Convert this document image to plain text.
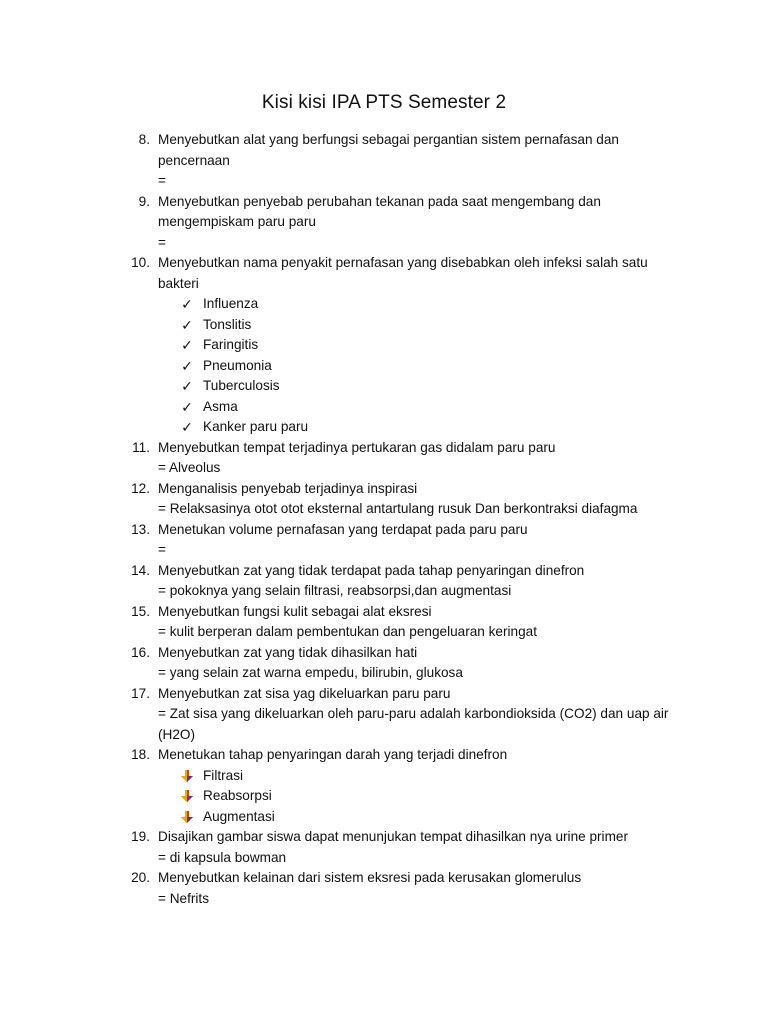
Kisi kisi IPA PTS Semester 2
8. Menyebutkan alat yang berfungsi sebagai pergantian sistem pernafasan dan
pencernaan
=
9. Menyebutkan penyebab perubahan tekanan pada saat mengembang dan
mengempiskam paru paru
=
10. Menyebutkan nama penyakit pernafasan yang disebabkan oleh infeksi salah satu
bakteri
✓ Influenza
✓ Tonslitis
✓ Faringitis
✓ Pneumonia
✓ Tuberculosis
✓ Asma
✓ Kanker paru paru
11. Menyebutkan tempat terjadinya pertukaran gas didalam paru paru
= Alveolus
12. Menganalisis penyebab terjadinya inspirasi
= Relaksasinya otot otot eksternal antartulang rusuk Dan berkontraksi diafagma
13. Menetukan volume pernafasan yang terdapat pada paru paru
=
14. Menyebutkan zat yang tidak terdapat pada tahap penyaringan dinefron
= pokoknya yang selain filtrasi, reabsorpsi,dan augmentasi
15. Menyebutkan fungsi kulit sebagai alat eksresi
= kulit berperan dalam pembentukan dan pengeluaran keringat
16. Menyebutkan zat yang tidak dihasilkan hati
= yang selain zat warna empedu, bilirubin, glukosa
17. Menyebutkan zat sisa yag dikeluarkan paru paru
= Zat sisa yang dikeluarkan oleh paru-paru adalah karbondioksida (CO2) dan uap air
(H2O)
18. Menetukan tahap penyaringan darah yang terjadi dinefron
Filtrasi
Reabsorpsi
Augmentasi
19. Disajikan gambar siswa dapat menunjukan tempat dihasilkan nya urine primer
= di kapsula bowman
20. Menyebutkan kelainan dari sistem eksresi pada kerusakan glomerulus
= Nefrits
